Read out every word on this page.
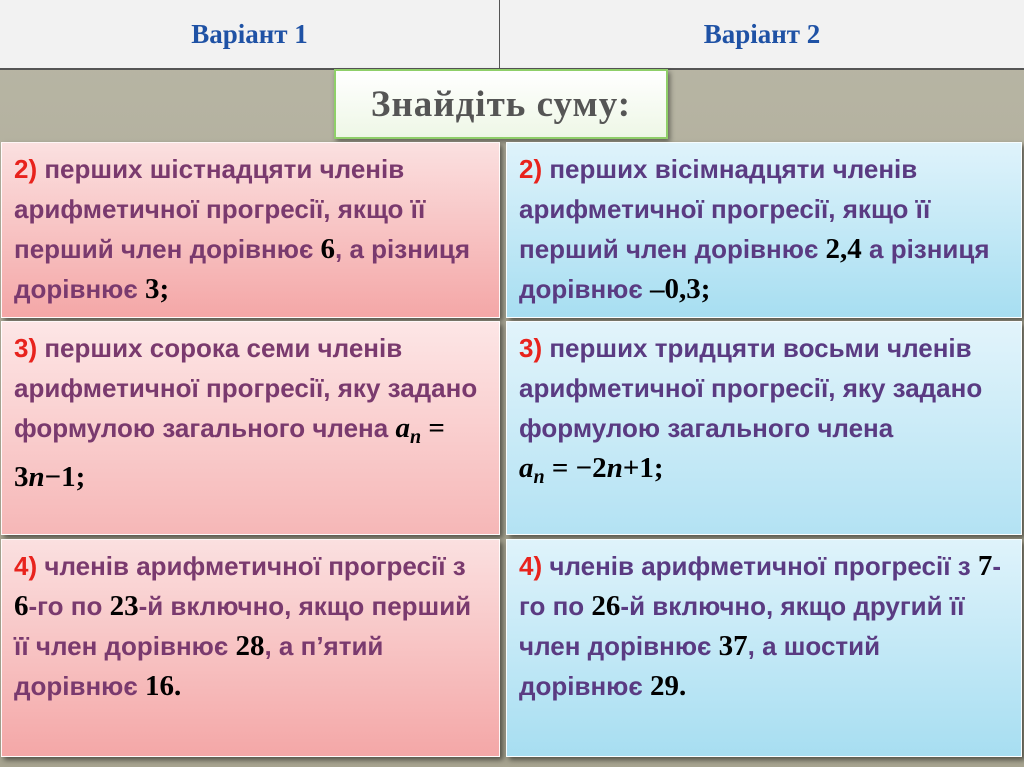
Варіант 1	Варіант 2
Знайдіть суму:
2) перших шістнадцяти членів арифметичної прогресії, якщо її перший член дорівнює 6, а різниця дорівнює 3;
2) перших вісімнадцяти членів арифметичної прогресії, якщо її перший член дорівнює 2,4 а різниця дорівнює –0,3;
3) перших сорока семи членів арифметичної прогресії, яку задано формулою загального члена $a_n = 3n-1$;
3) перших тридцяти восьми членів арифметичної прогресії, яку задано формулою загального члена
$a_n = -2n+1$;
4) членів арифметичної прогресії з 6-го по 23-й включно, якщо перший її член дорівнює 28, а п’ятий дорівнює 16.
4) членів арифметичної прогресії з 7-го по 26-й включно, якщо другий її член дорівнює 37, а шостий дорівнює 29.
